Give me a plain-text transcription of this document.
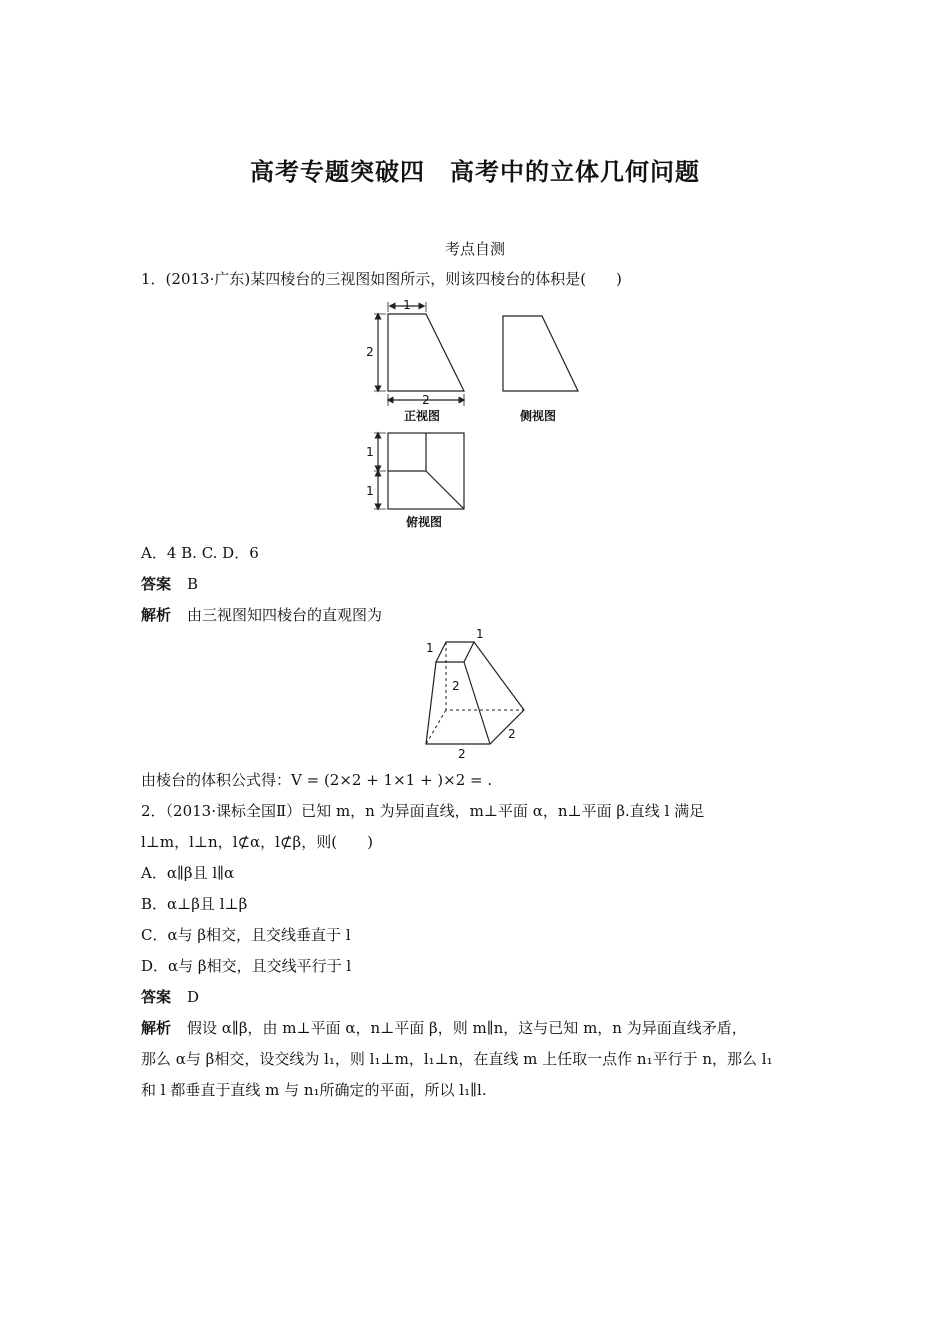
高考专题突破四　高考中的立体几何问题
考点自测
1．(2013·广东)某四棱台的三视图如图所示，则该四棱台的体积是(　　)
1
2
2
1
1
正视图	侧视图
俯视图
A．4 B. C. D．6
答案 B
解析 由三视图知四棱台的直观图为
1
1
2
2
2
由棱台的体积公式得：V = (2×2 + 1×1 + )×2 = .
2．（2013·课标全国Ⅱ）已知 m，n 为异面直线，m⊥平面 α，n⊥平面 β.直线 l 满足
l⊥m，l⊥n，l⊄α，l⊄β，则(　　)
A．α∥β且 l∥α
B．α⊥β且 l⊥β
C．α与 β相交，且交线垂直于 l
D．α与 β相交，且交线平行于 l
答案 D
解析 假设 α∥β，由 m⊥平面 α，n⊥平面 β，则 m∥n，这与已知 m，n 为异面直线矛盾，
那么 α与 β相交，设交线为 l₁，则 l₁⊥m，l₁⊥n，在直线 m 上任取一点作 n₁平行于 n，那么 l₁
和 l 都垂直于直线 m 与 n₁所确定的平面，所以 l₁∥l.
